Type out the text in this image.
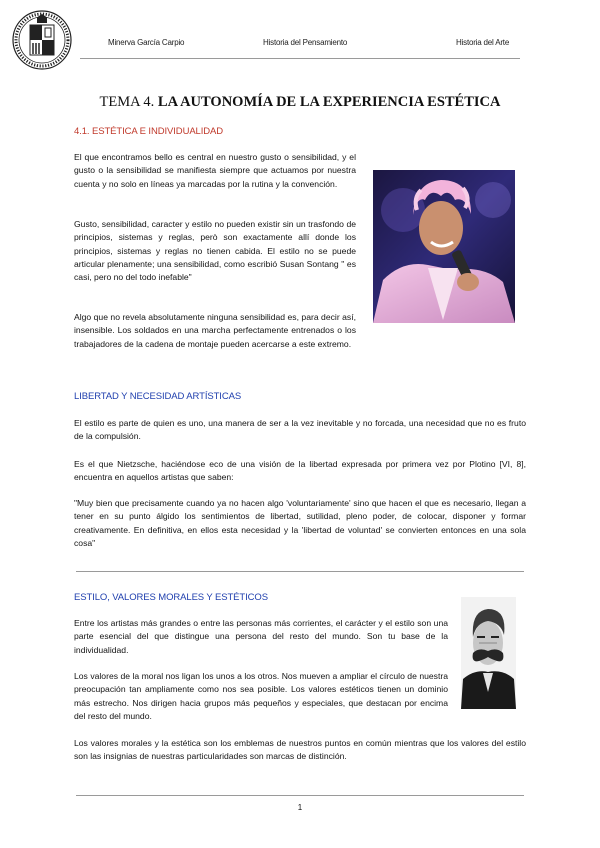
Minerva García Carpio	Historia del Pensamiento	Historia del Arte
TEMA 4. LA AUTONOMÍA DE LA EXPERIENCIA ESTÉTICA
4.1. ESTÉTICA E INDIVIDUALIDAD

El que encontramos bello es central en nuestro gusto o sensibilidad, y el gusto o la sensibilidad se manifiesta siempre que actuamos por nuestra cuenta y no solo en líneas ya marcadas por la rutina y la convención.

Gusto, sensibilidad, caracter y estilo no pueden existir sin un trasfondo de principios, sistemas y reglas, però son exactamente allí donde los principios, sistemas y reglas no tienen cabida. El estilo no se puede articular plenamente; una sensibilidad, como escribió Susan Sontang " es casi, pero no del todo inefable"

Algo que no revela absolutamente ninguna sensibilidad es, para decir así, insensible. Los soldados en una marcha perfectamente entrenados o los trabajadores de la cadena de montaje pueden acercarse a este extremo.

LIBERTAD Y NECESIDAD ARTÍSTICAS

El estilo es parte de quien es uno, una manera de ser a la vez inevitable y no forcada, una necesidad que no es fruto de la compulsión.

Es el que Nietzsche, haciéndose eco de una visión de la libertad expresada por primera vez por Plotino [VI, 8], encuentra en aquellos artistas que saben:

"Muy bien que precisamente cuando ya no hacen algo 'voluntariamente' sino que hacen el que es necesario, llegan a tener en su punto álgido los sentimientos de libertad, sutilidad, pleno poder, de colocar, disponer y formar creativamente. En definitiva, en ellos esta necesidad y la 'libertad de voluntad' se convierten entonces en una sola cosa"

ESTILO, VALORES MORALES Y ESTÉTICOS

Entre los artistas más grandes o entre las personas más corrientes, el carácter y el estilo son una parte esencial del que distingue una persona del resto del mundo. Son tu base de la individualidad.

Los valores de la moral nos ligan los unos a los otros. Nos mueven a ampliar el círculo de nuestra preocupación tan ampliamente como nos sea posible. Los valores estéticos tienen un dominio más estrecho. Nos dirigen hacia grupos más pequeños y especiales, que destacan por encima del resto del mundo.

Los valores morales y la estética son los emblemas de nuestros puntos en común mientras que los valores del estilo son las insignias de nuestras particularidades son marcas de distinción.

1
